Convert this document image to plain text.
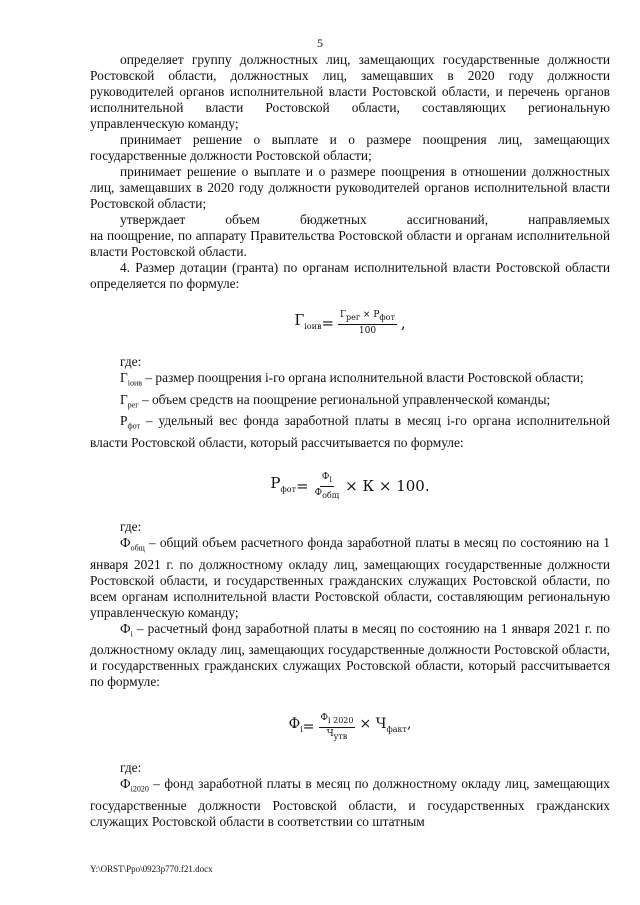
5

определяет группу должностных лиц, замещающих государственные должности Ростовской области, должностных лиц, замещавших в 2020 году должности руководителей органов исполнительной власти Ростовской области, и перечень органов исполнительной власти Ростовской области, составляющих региональную управленческую команду;

принимает решение о выплате и о размере поощрения лиц, замещающих государственные должности Ростовской области;

принимает решение о выплате и о размере поощрения в отношении должностных лиц, замещавших в 2020 году должности руководителей органов исполнительной власти Ростовской области;

утверждает объем бюджетных ассигнований, направляемых

на поощрение, по аппарату Правительства Ростовской области и органам исполнительной власти Ростовской области.

4. Размер дотации (гранта) по органам исполнительной власти Ростовской области определяется по формуле:

$Г_{iоив} = \frac{Г_{рег} \times Р_{фот}}{100}$ ,

где:

$Г_{iоив}$ – размер поощрения i-го органа исполнительной власти Ростовской области;

$Г_{рег}$ – объем средств на поощрение региональной управленческой команды;

$Р_{фот}$ – удельный вес фонда заработной платы в месяц i-го органа исполнительной власти Ростовской области, который рассчитывается по формуле:

$Р_{фот} = \frac{Ф_i}{Ф_{общ}} \times К \times 100$.

где:

$Ф_{общ}$ – общий объем расчетного фонда заработной платы в месяц по состоянию на 1 января 2021 г. по должностному окладу лиц, замещающих государственные должности Ростовской области, и государственных гражданских служащих Ростовской области, по всем органам исполнительной власти Ростовской области, составляющим региональную управленческую команду;

$Ф_i$ – расчетный фонд заработной платы в месяц по состоянию на 1 января 2021 г. по должностному окладу лиц, замещающих государственные должности Ростовской области, и государственных гражданских служащих Ростовской области, который рассчитывается по формуле:

$Ф_i = \frac{Ф_{i 2020}}{Ч_{утв}} \times Ч_{факт}$,

где:

$Ф_{i2020}$ – фонд заработной платы в месяц по должностному окладу лиц, замещающих государственные должности Ростовской области, и государственных гражданских служащих Ростовской области в соответствии со штатным

Y:\ORST\Ppo\0923p770.f21.docx
